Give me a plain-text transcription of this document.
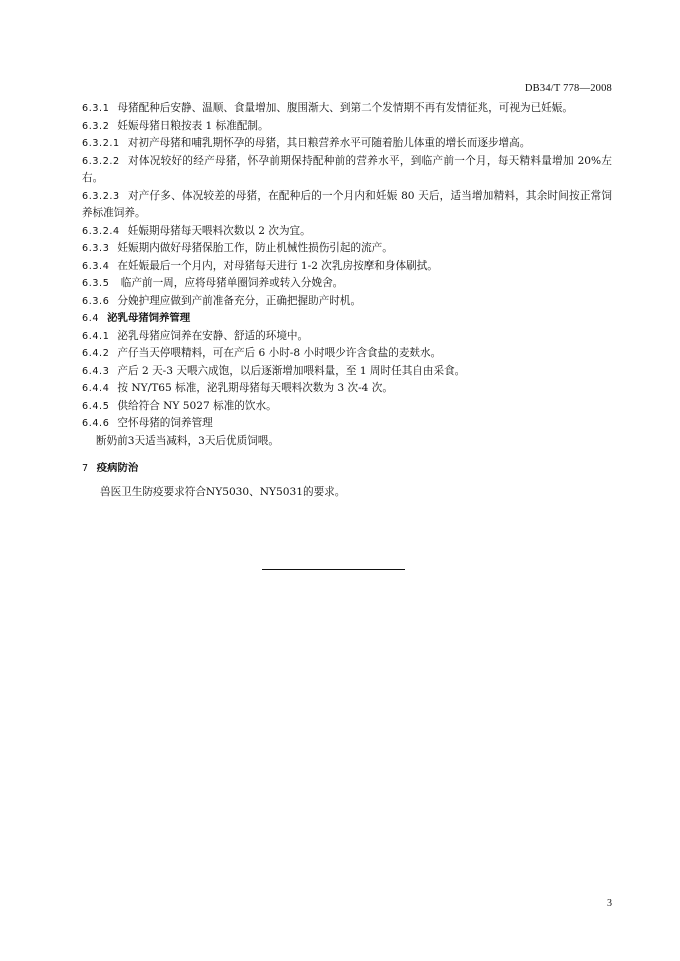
DB34/T 778—2008

6.3.1 母猪配种后安静、温顺、食量增加、腹围渐大、到第二个发情期不再有发情征兆，可视为已妊娠。

6.3.2 妊娠母猪日粮按表 1 标准配制。

6.3.2.1 对初产母猪和哺乳期怀孕的母猪，其日粮营养水平可随着胎儿体重的增长而逐步增高。

6.3.2.2 对体况较好的经产母猪，怀孕前期保持配种前的营养水平，到临产前一个月，每天精料量增加 20%左右。

6.3.2.3 对产仔多、体况较差的母猪，在配种后的一个月内和妊娠 80 天后，适当增加精料，其余时间按正常饲养标准饲养。

6.3.2.4 妊娠期母猪每天喂料次数以 2 次为宜。

6.3.3 妊娠期内做好母猪保胎工作，防止机械性损伤引起的流产。

6.3.4 在妊娠最后一个月内，对母猪每天进行 1-2 次乳房按摩和身体刷拭。

6.3.5 临产前一周，应将母猪单圈饲养或转入分娩舍。

6.3.6 分娩护理应做到产前准备充分，正确把握助产时机。

6.4 泌乳母猪饲养管理

6.4.1 泌乳母猪应饲养在安静、舒适的环境中。

6.4.2 产仔当天停喂精料，可在产后 6 小时-8 小时喂少许含食盐的麦麸水。

6.4.3 产后 2 天-3 天喂六成饱，以后逐渐增加喂料量，至 1 周时任其自由采食。

6.4.4 按 NY/T65 标准，泌乳期母猪每天喂料次数为 3 次-4 次。

6.4.5 供给符合 NY 5027 标准的饮水。

6.4.6 空怀母猪的饲养管理

断奶前3天适当减料，3天后优质饲喂。

7 疫病防治

兽医卫生防疫要求符合NY5030、NY5031的要求。

3
